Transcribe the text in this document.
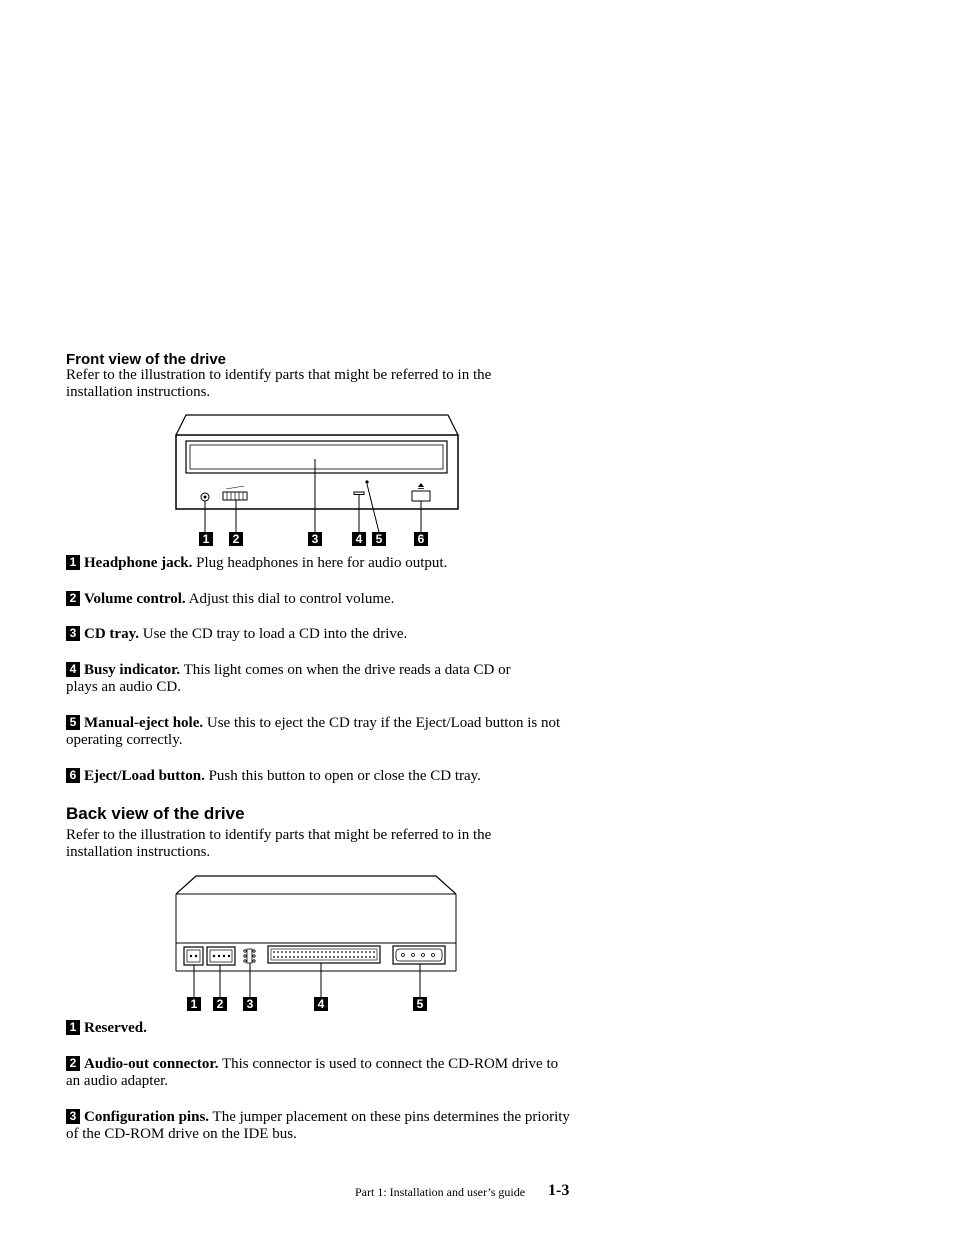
Front view of the drive
Refer to the illustration to identify parts that might be referred to in the installation instructions.
1	2	3	4	5	6
1 Headphone jack. Plug headphones in here for audio output.
2 Volume control. Adjust this dial to control volume.
3 CD tray. Use the CD tray to load a CD into the drive.
4 Busy indicator. This light comes on when the drive reads a data CD or plays an audio CD.
5 Manual-eject hole. Use this to eject the CD tray if the Eject/Load button is not operating correctly.
6 Eject/Load button. Push this button to open or close the CD tray.
Back view of the drive
Refer to the illustration to identify parts that might be referred to in the installation instructions.
1	2	3	4	5
1 Reserved.
2 Audio-out connector. This connector is used to connect the CD-ROM drive to an audio adapter.
3 Configuration pins. The jumper placement on these pins determines the priority of the CD-ROM drive on the IDE bus.
Part 1: Installation and user’s guide 1-3
